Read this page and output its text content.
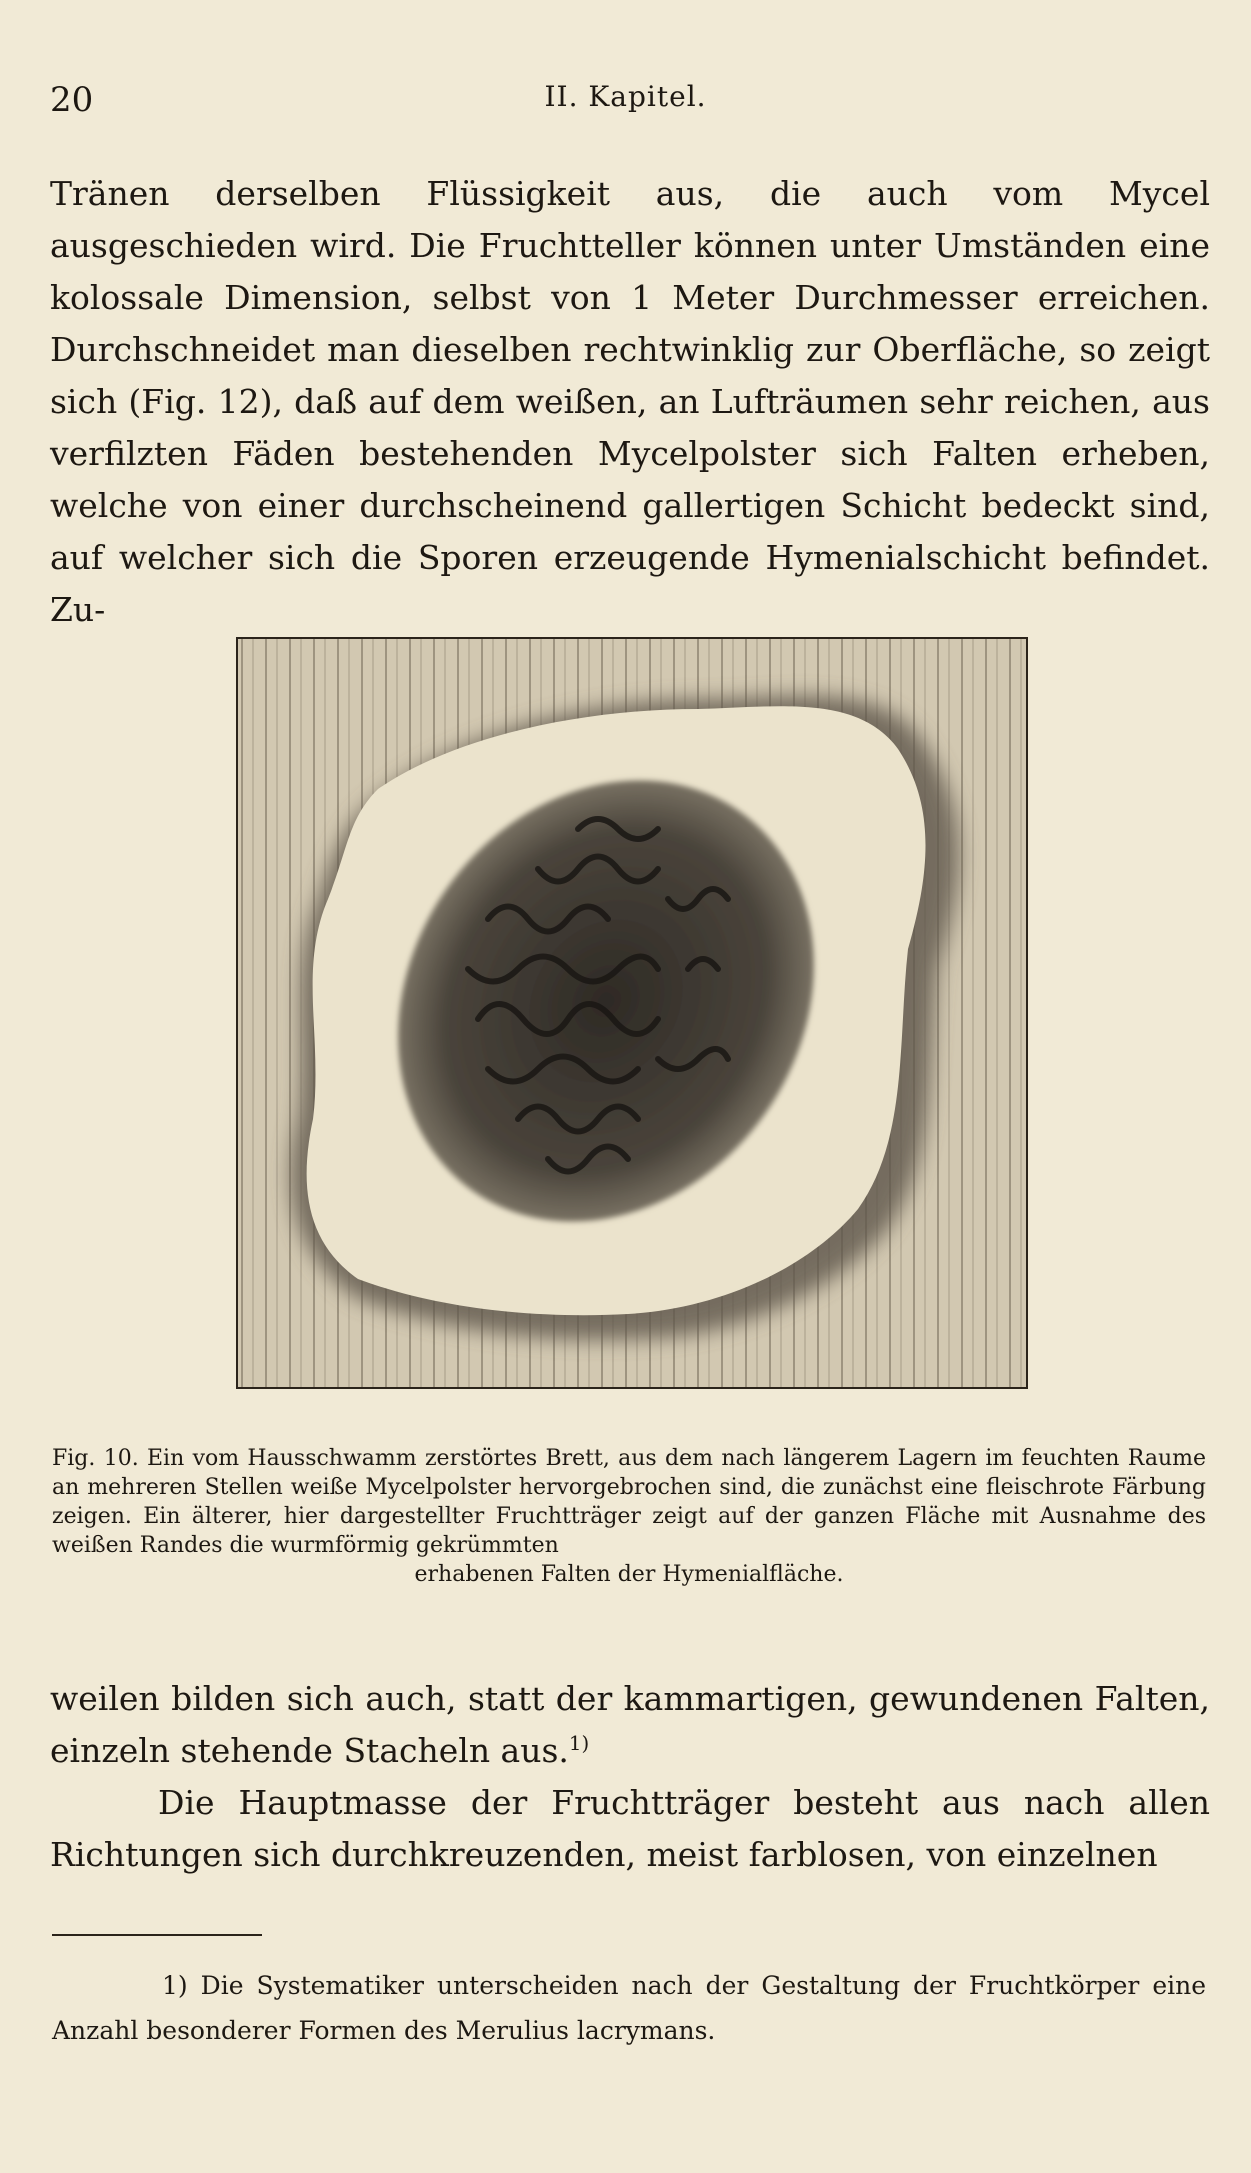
20	II. Kapitel.

Tränen derselben Flüssigkeit aus, die auch vom Mycel ausgeschieden wird. Die Fruchtteller können unter Umständen eine kolossale Dimension, selbst von 1 Meter Durchmesser erreichen. Durchschneidet man dieselben rechtwinklig zur Oberfläche, so zeigt sich (Fig. 12), daß auf dem weißen, an Lufträumen sehr reichen, aus verfilzten Fäden bestehenden Mycelpolster sich Falten erheben, welche von einer durchscheinend gallertigen Schicht bedeckt sind, auf welcher sich die Sporen erzeugende Hymenialschicht befindet. Zu-

Fig. 10. Ein vom Hausschwamm zerstörtes Brett, aus dem nach längerem Lagern im feuchten Raume an mehreren Stellen weiße Mycelpolster hervorgebrochen sind, die zunächst eine fleischrote Färbung zeigen. Ein älterer, hier dargestellter Fruchtträger zeigt auf der ganzen Fläche mit Ausnahme des weißen Randes die wurmförmig gekrümmten
erhabenen Falten der Hymenialfläche.

weilen bilden sich auch, statt der kammartigen, gewundenen Falten, einzeln stehende Stacheln aus.$^{1)}$

Die Hauptmasse der Fruchtträger besteht aus nach allen Richtungen sich durchkreuzenden, meist farblosen, von einzelnen

1) Die Systematiker unterscheiden nach der Gestaltung der Fruchtkörper eine Anzahl besonderer Formen des Merulius lacrymans.
